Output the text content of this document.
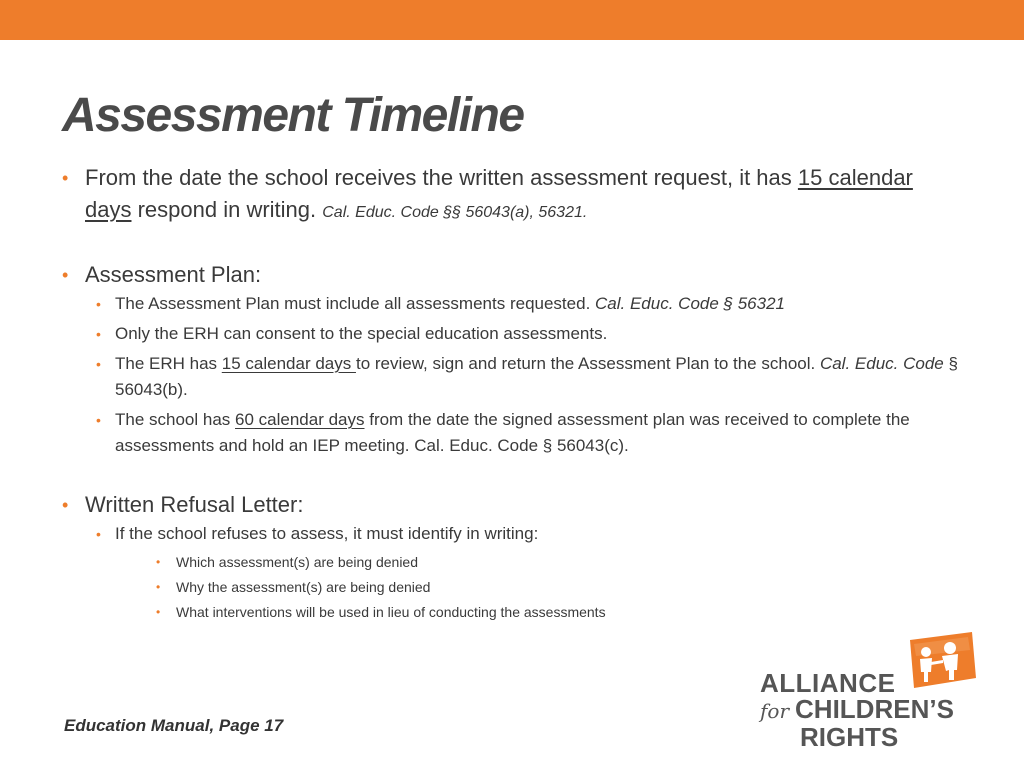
Assessment Timeline

• From the date the school receives the written assessment request, it has 15 calendar days respond in writing. Cal. Educ. Code §§ 56043(a), 56321.

• Assessment Plan:

• The Assessment Plan must include all assessments requested. Cal. Educ. Code § 56321

• Only the ERH can consent to the special education assessments.

• The ERH has 15 calendar days to review, sign and return the Assessment Plan to the school. Cal. Educ. Code § 56043(b).

• The school has 60 calendar days from the date the signed assessment plan was received to complete the assessments and hold an IEP meeting. Cal. Educ. Code § 56043(c).

• Written Refusal Letter:

• If the school refuses to assess, it must identify in writing:

• Which assessment(s) are being denied

• Why the assessment(s) are being denied

• What interventions will be used in lieu of conducting the assessments

Education Manual, Page 17
ALLIANCE
for CHILDREN’S
RIGHTS
